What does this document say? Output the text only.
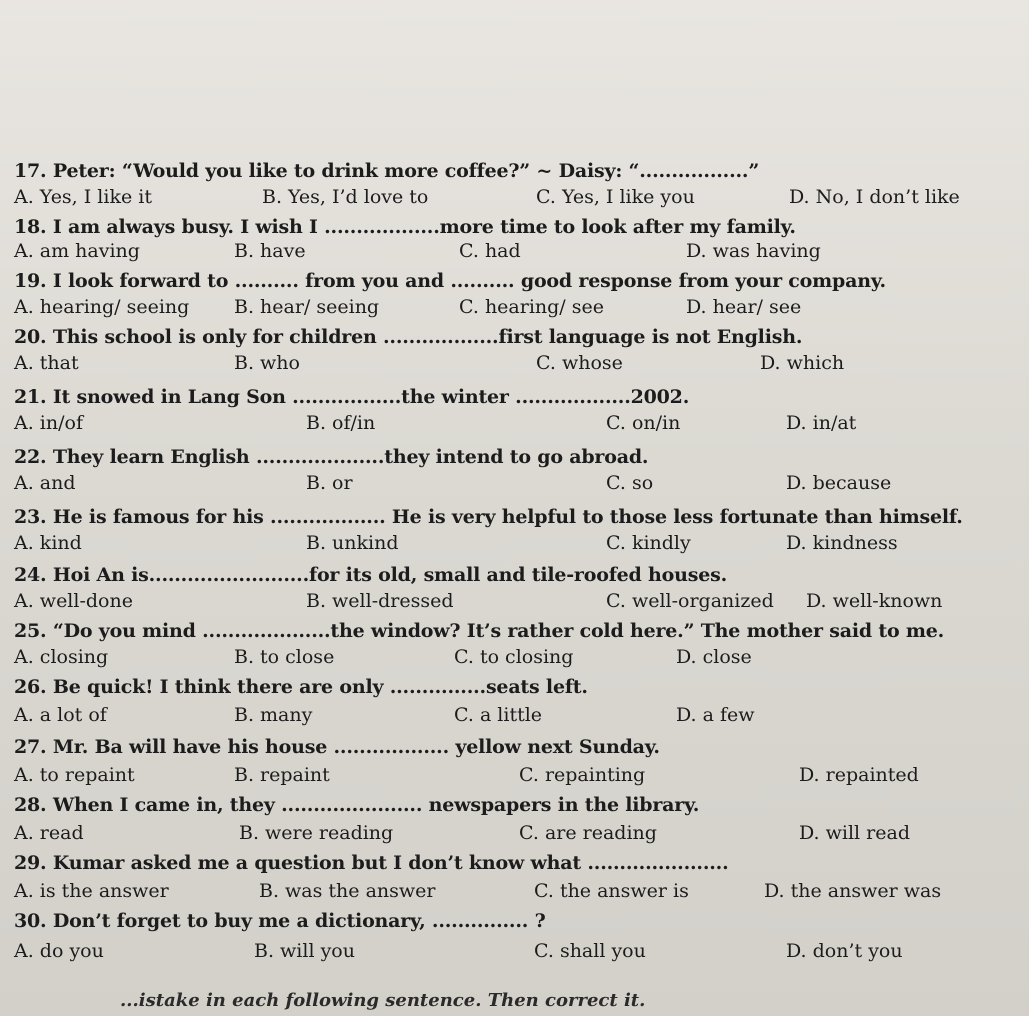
17. Peter: “Would you like to drink more coffee?” ~ Daisy: “.................”
A. Yes, I like it	B. Yes, I’d love to	C. Yes, I like you	D. No, I don’t like
18. I am always busy. I wish I ..................more time to look after my family.
A. am having	B. have	C. had	D. was having
19. I look forward to .......... from you and .......... good response from your company.
A. hearing/ seeing B. hear/ seeing	C. hearing/ see	D. hear/ see
20. This school is only for children ..................first language is not English.
A. that	B. who	C. whose	D. which
21. It snowed in Lang Son .................the winter ..................2002.
A. in/of	B. of/in	C. on/in	D. in/at
22. They learn English ....................they intend to go abroad.
A. and	B. or	C. so	D. because
23. He is famous for his .................. He is very helpful to those less fortunate than himself.
A. kind	B. unkind	C. kindly	D. kindness
24. Hoi An is.........................for its old, small and tile-roofed houses.
A. well-done	B. well-dressed	C. well-organized D. well-known
25. “Do you mind ....................the window? It’s rather cold here.” The mother said to me.
A. closing	B. to close	C. to closing	D. close
26. Be quick! I think there are only ...............seats left.
A. a lot of	B. many	C. a little	D. a few
27. Mr. Ba will have his house .................. yellow next Sunday.
A. to repaint	B. repaint	C. repainting	D. repainted
28. When I came in, they ...................... newspapers in the library.
A. read	B. were reading	C. are reading	D. will read
29. Kumar asked me a question but I don’t know what ......................
A. is the answer	B. was the answer	C. the answer is	D. the answer was
30. Don’t forget to buy me a dictionary, ............... ?
A. do you	B. will you	C. shall you	D. don’t you
...istake in each following sentence. Then correct it.
